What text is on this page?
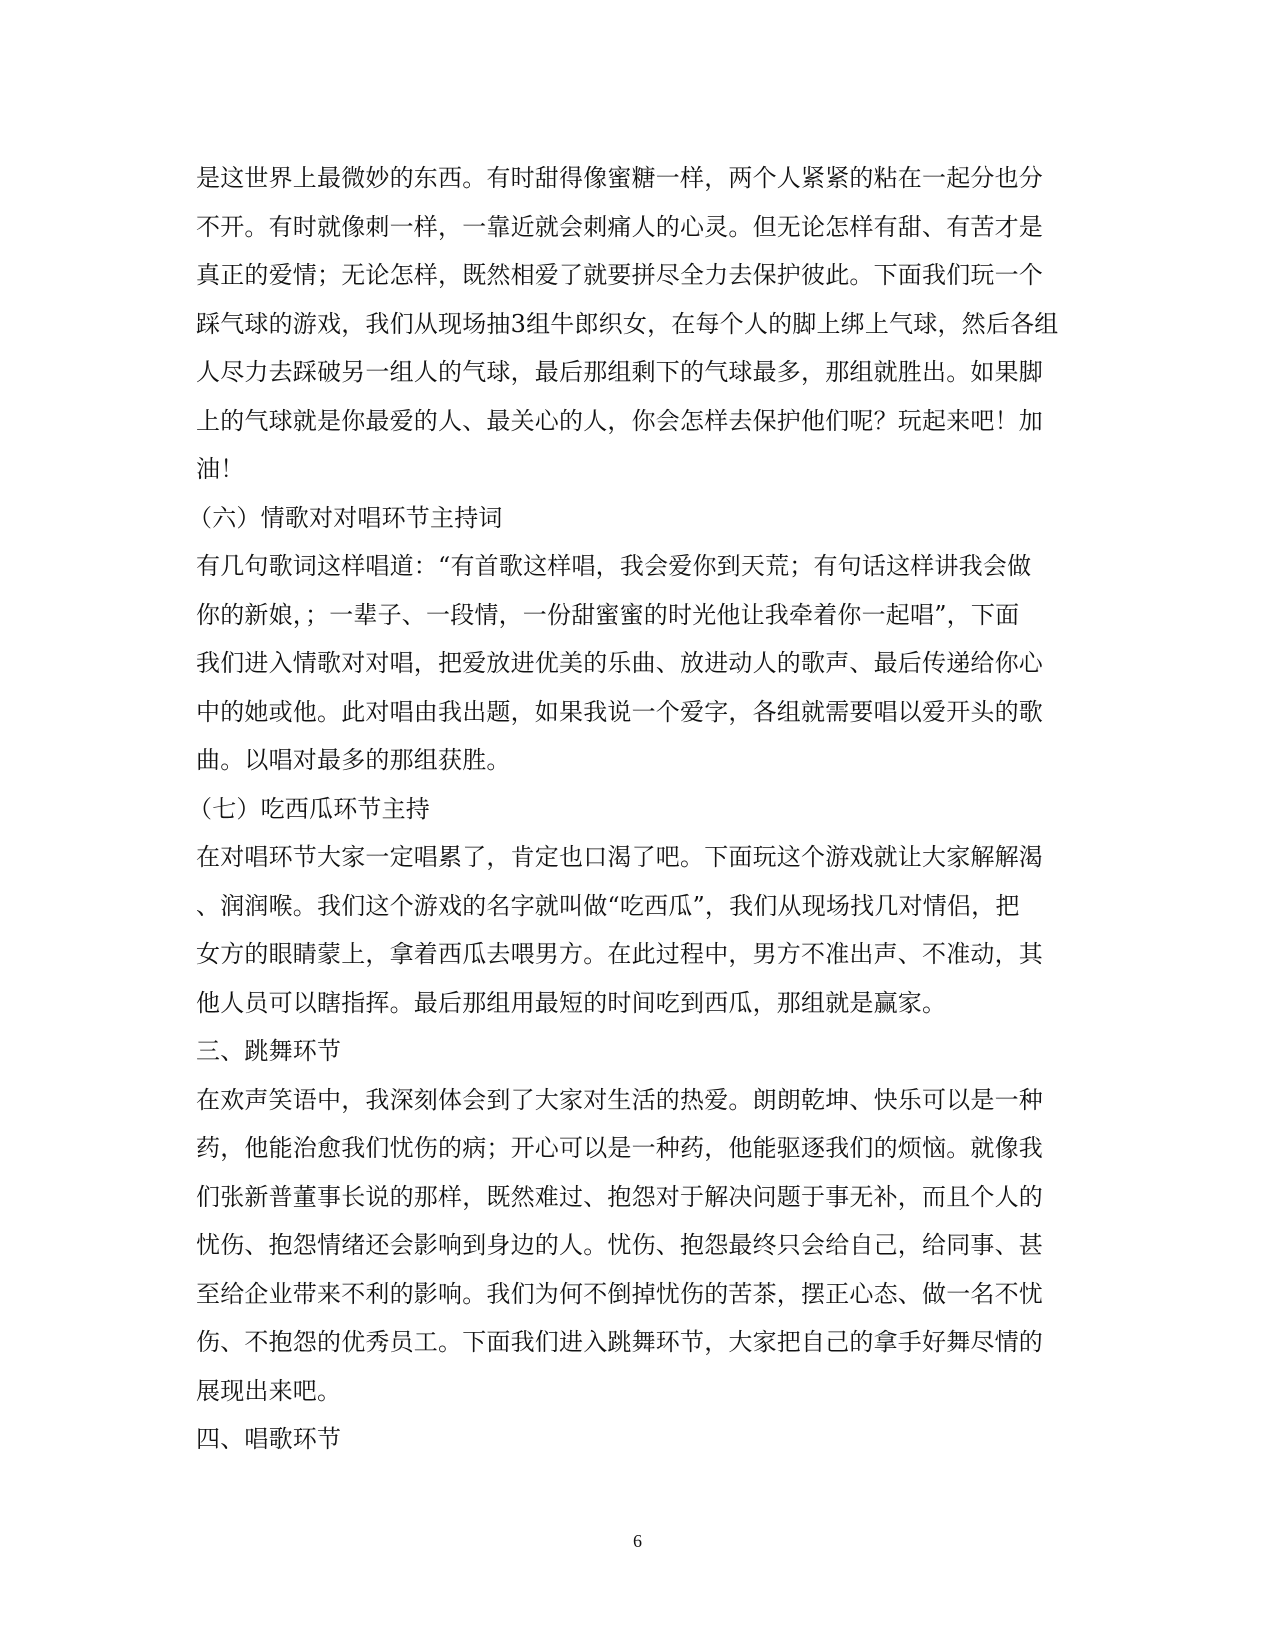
是这世界上最微妙的东西。有时甜得像蜜糖一样，两个人紧紧的粘在一起分也分
不开。有时就像刺一样，一靠近就会刺痛人的心灵。但无论怎样有甜、有苦才是
真正的爱情；无论怎样，既然相爱了就要拼尽全力去保护彼此。下面我们玩一个
踩气球的游戏，我们从现场抽3组牛郎织女，在每个人的脚上绑上气球，然后各组
人尽力去踩破另一组人的气球，最后那组剩下的气球最多，那组就胜出。如果脚
上的气球就是你最爱的人、最关心的人，你会怎样去保护他们呢？玩起来吧！加
油！
（六）情歌对对唱环节主持词
有几句歌词这样唱道：“有首歌这样唱，我会爱你到天荒；有句话这样讲我会做
你的新娘，；一辈子、一段情，一份甜蜜蜜的时光他让我牵着你一起唱”，下面
我们进入情歌对对唱，把爱放进优美的乐曲、放进动人的歌声、最后传递给你心
中的她或他。此对唱由我出题，如果我说一个爱字，各组就需要唱以爱开头的歌
曲。以唱对最多的那组获胜。
（七）吃西瓜环节主持
在对唱环节大家一定唱累了，肯定也口渴了吧。下面玩这个游戏就让大家解解渴
、润润喉。我们这个游戏的名字就叫做“吃西瓜”，我们从现场找几对情侣，把
女方的眼睛蒙上，拿着西瓜去喂男方。在此过程中，男方不准出声、不准动，其
他人员可以瞎指挥。最后那组用最短的时间吃到西瓜，那组就是赢家。
三、跳舞环节
在欢声笑语中，我深刻体会到了大家对生活的热爱。朗朗乾坤、快乐可以是一种
药，他能治愈我们忧伤的病；开心可以是一种药，他能驱逐我们的烦恼。就像我
们张新普董事长说的那样，既然难过、抱怨对于解决问题于事无补，而且个人的
忧伤、抱怨情绪还会影响到身边的人。忧伤、抱怨最终只会给自己，给同事、甚
至给企业带来不利的影响。我们为何不倒掉忧伤的苦茶，摆正心态、做一名不忧
伤、不抱怨的优秀员工。下面我们进入跳舞环节，大家把自己的拿手好舞尽情的
展现出来吧。
四、唱歌环节
6
